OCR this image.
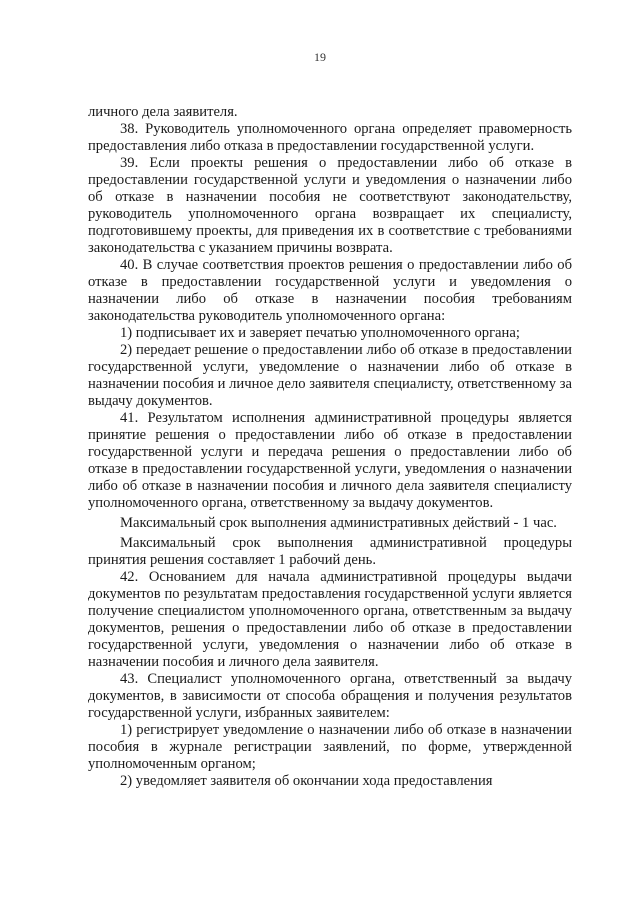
19

личного дела заявителя.

38. Руководитель уполномоченного органа определяет правомерность предоставления либо отказа в предоставлении государственной услуги.

39. Если проекты решения о предоставлении либо об отказе в предоставлении государственной услуги и уведомления о назначении либо об отказе в назначении пособия не соответствуют законодательству, руководитель уполномоченного органа возвращает их специалисту, подготовившему проекты, для приведения их в соответствие с требованиями законодательства с указанием причины возврата.

40. В случае соответствия проектов решения о предоставлении либо об отказе в предоставлении государственной услуги и уведомления о назначении либо об отказе в назначении пособия требованиям законодательства руководитель уполномоченного органа:

1) подписывает их и заверяет печатью уполномоченного органа;

2) передает решение о предоставлении либо об отказе в предоставлении государственной услуги, уведомление о назначении либо об отказе в назначении пособия и личное дело заявителя специалисту, ответственному за выдачу документов.

41. Результатом исполнения административной процедуры является принятие решения о предоставлении либо об отказе в предоставлении государственной услуги и передача решения о предоставлении либо об отказе в предоставлении государственной услуги, уведомления о назначении либо об отказе в назначении пособия и личного дела заявителя специалисту уполномоченного органа, ответственному за выдачу документов.

Максимальный срок выполнения административных действий - 1 час.

Максимальный срок выполнения административной процедуры принятия решения составляет 1 рабочий день.

42. Основанием для начала административной процедуры выдачи документов по результатам предоставления государственной услуги является получение специалистом уполномоченного органа, ответственным за выдачу документов, решения о предоставлении либо об отказе в предоставлении государственной услуги, уведомления о назначении либо об отказе в назначении пособия и личного дела заявителя.

43. Специалист уполномоченного органа, ответственный за выдачу документов, в зависимости от способа обращения и получения результатов государственной услуги, избранных заявителем:

1) регистрирует уведомление о назначении либо об отказе в назначении пособия в журнале регистрации заявлений, по форме, утвержденной уполномоченным органом;

2) уведомляет заявителя об окончании хода предоставления
